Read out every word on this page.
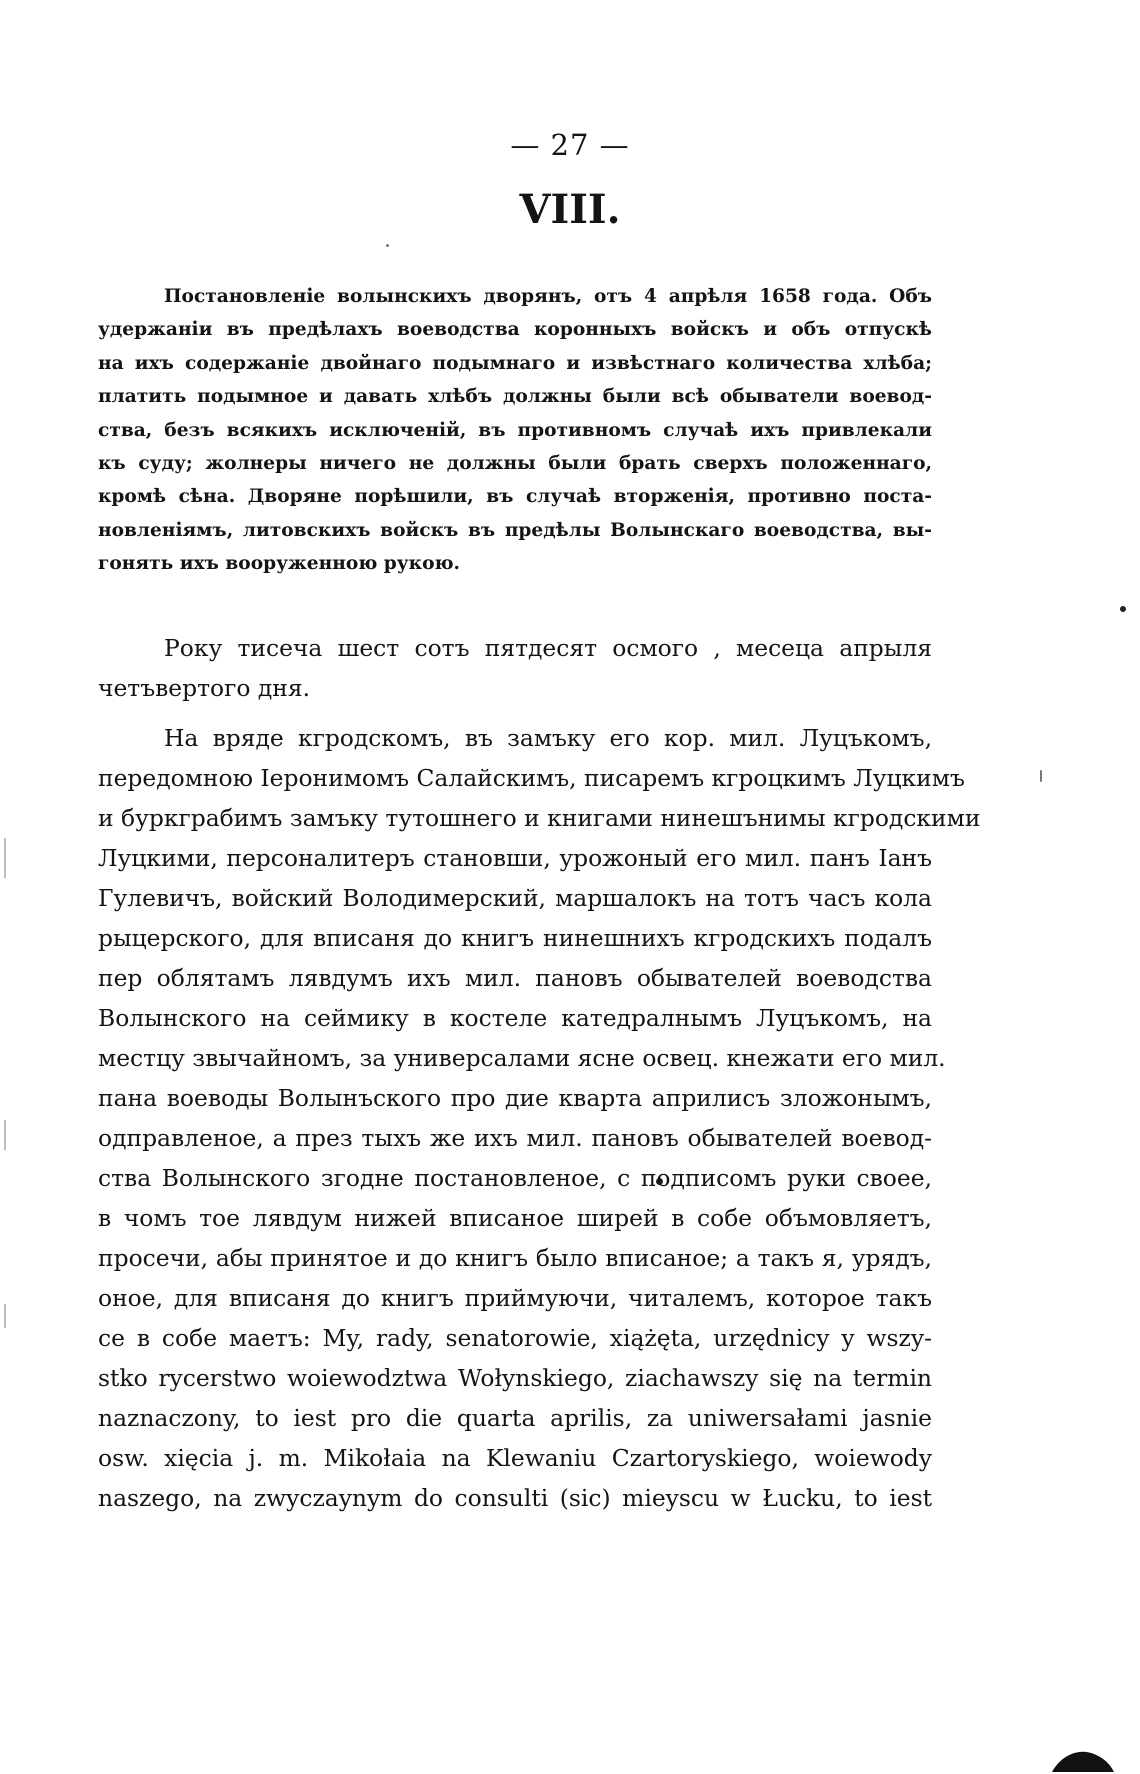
— 27 —
VIII.
Постановленіе волынскихъ дворянъ, отъ 4 апрѣля 1658 года. Объ
удержаніи въ предѣлахъ воеводства коронныхъ войскъ и объ отпускѣ
на ихъ содержаніе двойнаго подымнаго и извѣстнаго количества хлѣба;
платить подымное и давать хлѣбъ должны были всѣ обыватели воевод-
ства, безъ всякихъ исключеній, въ противномъ случаѣ ихъ привлекали
къ суду; жолнеры ничего не должны были брать сверхъ положеннаго,
кромѣ сѣна. Дворяне порѣшили, въ случаѣ вторженія, противно поста-
новленіямъ, литовскихъ войскъ въ предѣлы Волынскаго воеводства, вы-
гонять ихъ вооруженною рукою.
Року тисеча шест сотъ пятдесят осмого , месеца апрыля
четъвертого дня.
На вряде кгродскомъ, въ замъку его кор. мил. Луцъкомъ,
передомною Іеронимомъ Салайскимъ, писаремъ кгроцкимъ Луцкимъ
и буркграбимъ замъку тутошнего и книгами нинешънимы кгродскими
Луцкими, персоналитеръ становши, урожоный его мил. панъ Іанъ
Гулевичъ, войский Володимерский, маршалокъ на тотъ часъ кола
рыцерского, для вписаня до книгъ нинешнихъ кгродскихъ подалъ
пер облятамъ лявдумъ ихъ мил. пановъ обывателей воеводства
Волынского на сеймику в костеле катедралнымъ Луцъкомъ, на
местцу звычайномъ, за универсалами ясне освец. кнежати его мил.
пана воеводы Волынъского про дие кварта априлисъ зложонымъ,
одправленое, а през тыхъ же ихъ мил. пановъ обывателей воевод-
ства Волынского згодне постановленое, с подписомъ руки своее,
в чомъ тое лявдум нижей вписаное ширей в собе объмовляетъ,
просечи, абы принятое и до книгъ было вписаное; а такъ я, урядъ,
оное, для вписаня до книгъ приймуючи, читалемъ, которое такъ
се в собе маетъ: My, rady, senatorowie, xiążęta, urzędnicy y wszy-
stko rycerstwo woiewodztwa Wołynskiego, ziachawszy się na termin
naznaczony, to iest pro die quarta aprilis, za uniwersałami jasnie
osw. xięcia j. m. Mikołaia na Klewaniu Czartoryskiego, woiewody
naszego, na zwyczaynym do consulti (sic) mieyscu w Łucku, to iest
